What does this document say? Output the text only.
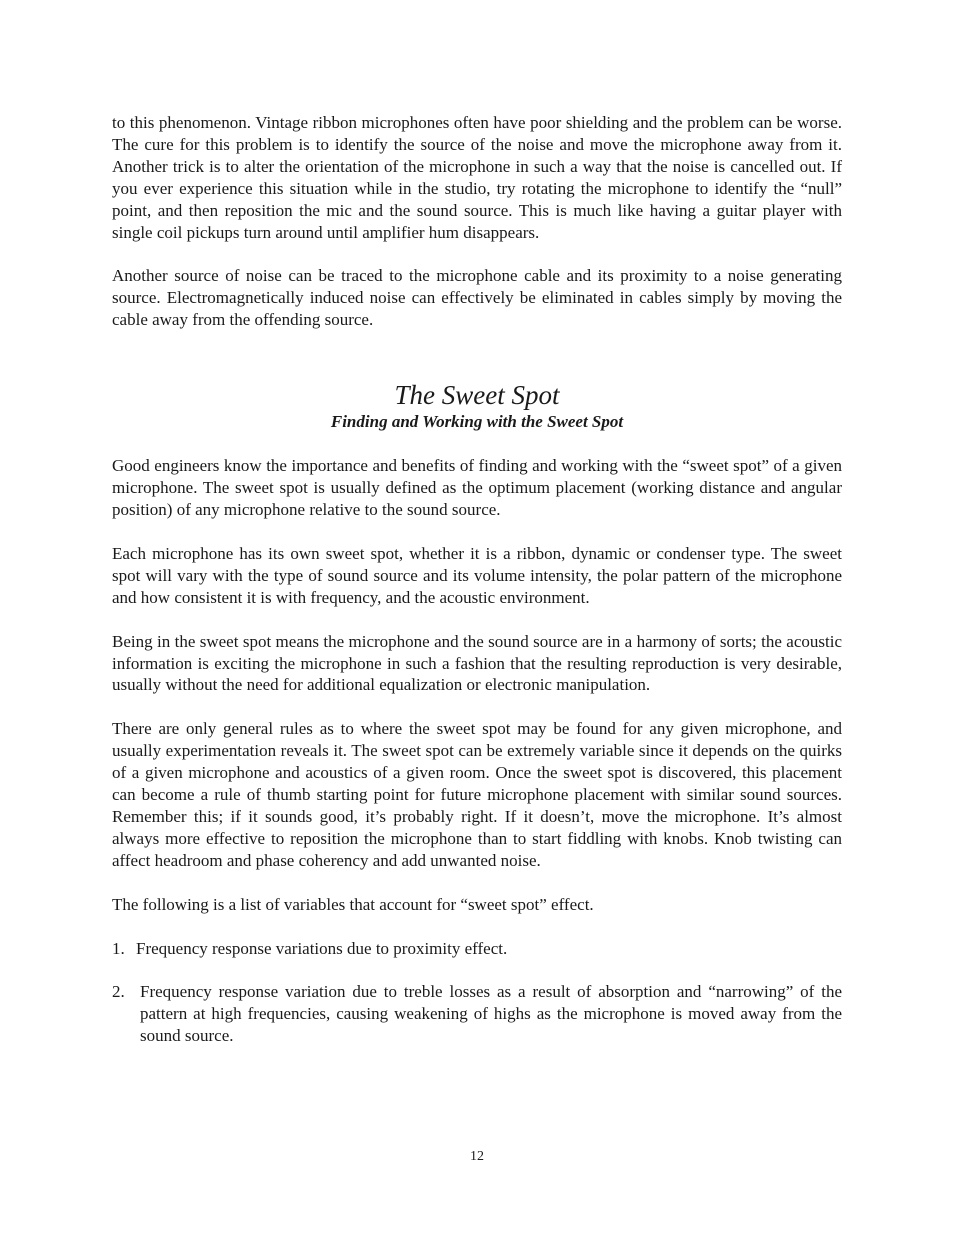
to this phenomenon. Vintage ribbon microphones often have poor shielding and the problem can be worse. The cure for this problem is to identify the source of the noise and move the microphone away from it. Another trick is to alter the orientation of the microphone in such a way that the noise is cancelled out. If you ever experience this situation while in the studio, try rotating the microphone to identify the “null” point, and then reposition the mic and the sound source. This is much like having a guitar player with single coil pickups turn around until amplifier hum disappears.

Another source of noise can be traced to the microphone cable and its proximity to a noise generating source. Electromagnetically induced noise can effectively be eliminated in cables simply by moving the cable away from the offending source.

The Sweet Spot
Finding and Working with the Sweet Spot

Good engineers know the importance and benefits of finding and working with the “sweet spot” of a given microphone. The sweet spot is usually defined as the optimum placement (working distance and angular position) of any microphone relative to the sound source.

Each microphone has its own sweet spot, whether it is a ribbon, dynamic or condenser type. The sweet spot will vary with the type of sound source and its volume intensity, the polar pattern of the microphone and how consistent it is with frequency, and the acoustic environment.

Being in the sweet spot means the microphone and the sound source are in a harmony of sorts; the acoustic information is exciting the microphone in such a fashion that the resulting reproduction is very desirable, usually without the need for additional equalization or electronic manipulation.

There are only general rules as to where the sweet spot may be found for any given microphone, and usually experimentation reveals it. The sweet spot can be extremely variable since it depends on the quirks of a given microphone and acoustics of a given room. Once the sweet spot is discovered, this placement can become a rule of thumb starting point for future microphone placement with similar sound sources. Remember this; if it sounds good, it’s probably right. If it doesn’t, move the microphone. It’s almost always more effective to reposition the microphone than to start fiddling with knobs. Knob twisting can affect headroom and phase coherency and add unwanted noise.

The following is a list of variables that account for “sweet spot” effect.

1. Frequency response variations due to proximity effect.
2. Frequency response variation due to treble losses as a result of absorption and “narrowing” of the pattern at high frequencies, causing weakening of highs as the microphone is moved away from the sound source.
12
